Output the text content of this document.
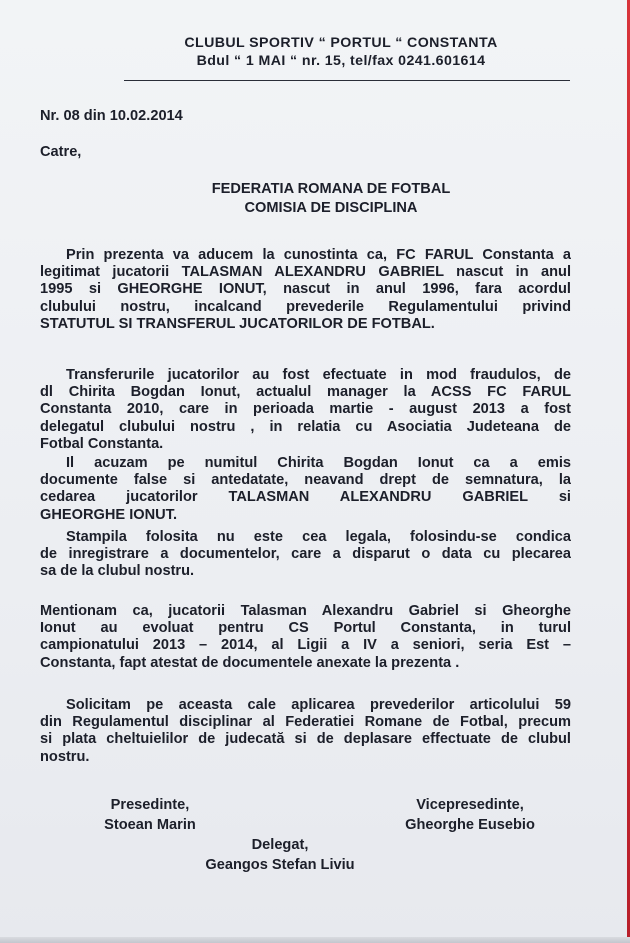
CLUBUL SPORTIV “ PORTUL “ CONSTANTA
Bdul “ 1 MAI “ nr. 15, tel/fax 0241.601614
Nr. 08 din 10.02.2014
Catre,
FEDERATIA ROMANA DE FOTBAL
COMISIA DE DISCIPLINA
Prin prezenta va aducem la cunostinta ca, FC FARUL Constanta a
legitimat jucatorii TALASMAN ALEXANDRU GABRIEL nascut in anul
1995 si GHEORGHE IONUT, nascut in anul 1996, fara acordul
clubului nostru, incalcand prevederile Regulamentului privind
STATUTUL SI TRANSFERUL JUCATORILOR DE FOTBAL.
Transferurile jucatorilor au fost efectuate in mod fraudulos, de
dl Chirita Bogdan Ionut, actualul manager la ACSS FC FARUL
Constanta 2010, care in perioada martie - august 2013 a fost
delegatul clubului nostru , in relatia cu Asociatia Judeteana de
Fotbal Constanta.
Il acuzam pe numitul Chirita Bogdan Ionut ca a emis
documente false si antedatate, neavand drept de semnatura, la
cedarea jucatorilor TALASMAN ALEXANDRU GABRIEL si
GHEORGHE IONUT.
Stampila folosita nu este cea legala, folosindu-se condica
de inregistrare a documentelor, care a disparut o data cu plecarea
sa de la clubul nostru.
Mentionam ca, jucatorii Talasman Alexandru Gabriel si Gheorghe
Ionut au evoluat pentru CS Portul Constanta, in turul
campionatului 2013 – 2014, al Ligii a IV a seniori, seria Est –
Constanta, fapt atestat de documentele anexate la prezenta .
Solicitam pe aceasta cale aplicarea prevederilor articolului 59
din Regulamentul disciplinar al Federatiei Romane de Fotbal, precum
si plata cheltuielilor de judecată si de deplasare effectuate de clubul
nostru.
Presedinte,
Stoean Marin
Vicepresedinte,
Gheorghe Eusebio
Delegat,
Geangos Stefan Liviu
